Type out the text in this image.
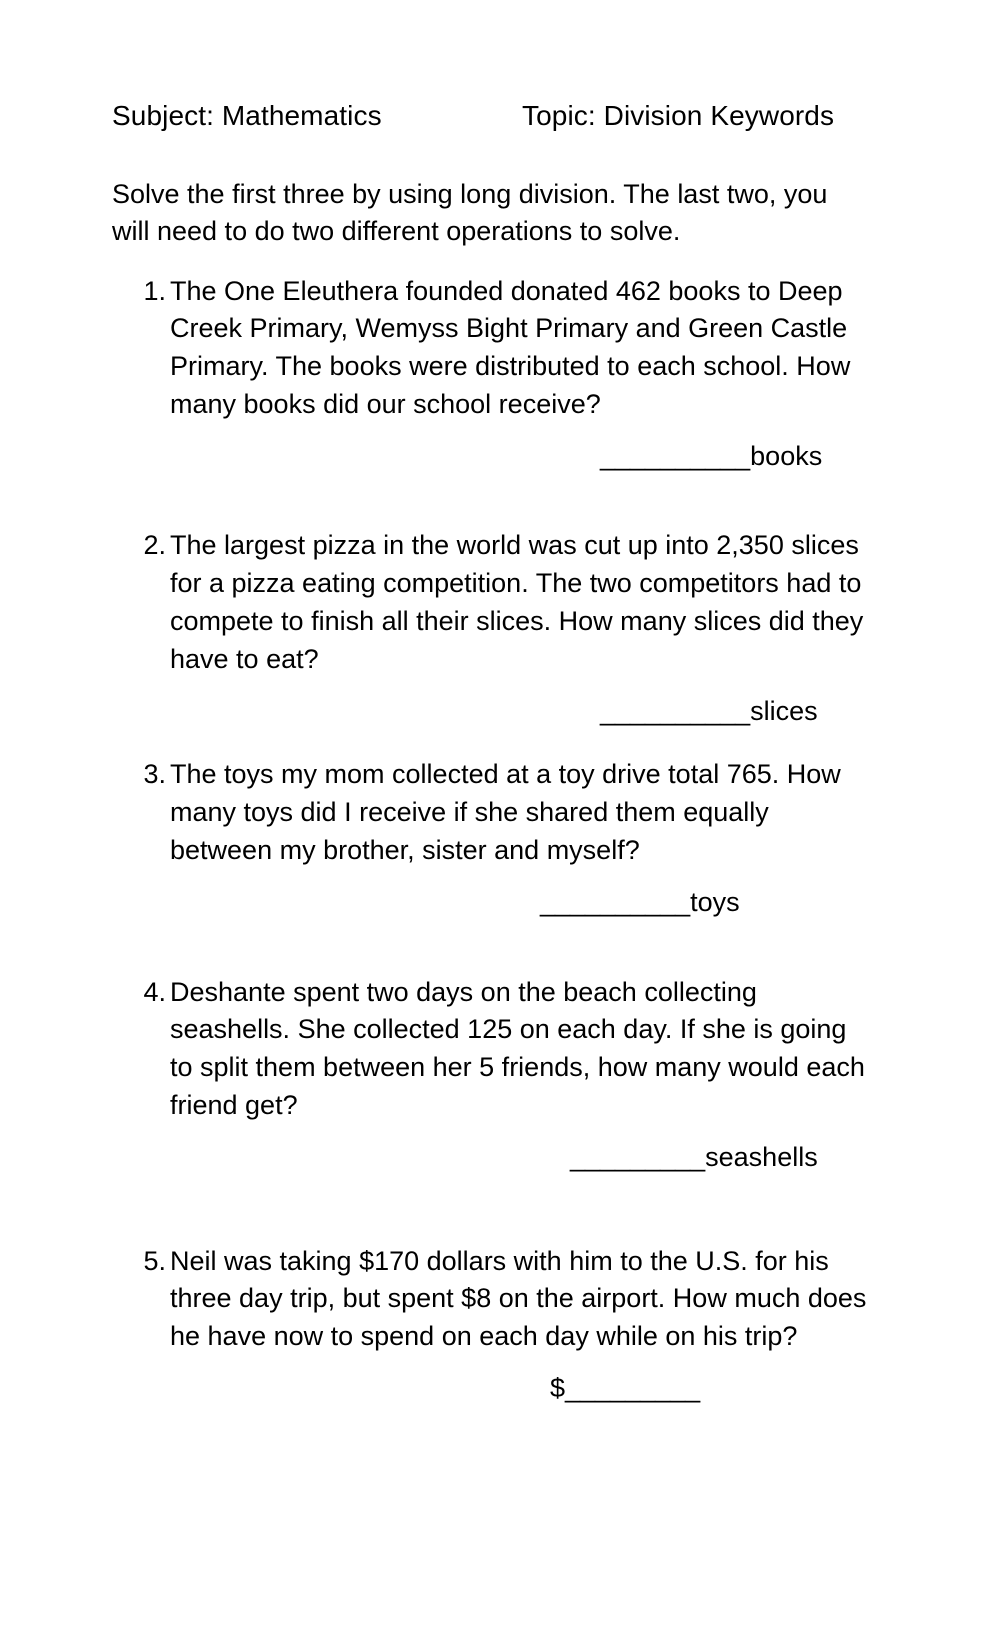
Subject: Mathematics	Topic: Division Keywords
Solve the first three by using long division. The last two, you will need to do two different operations to solve.
1. The One Eleuthera founded donated 462 books to Deep Creek Primary, Wemyss Bight Primary and Green Castle Primary. The books were distributed to each school. How many books did our school receive?
__________books
2. The largest pizza in the world was cut up into 2,350 slices for a pizza eating competition. The two competitors had to compete to finish all their slices. How many slices did they have to eat?
__________slices
3. The toys my mom collected at a toy drive total 765. How many toys did I receive if she shared them equally between my brother, sister and myself?
__________toys
4. Deshante spent two days on the beach collecting seashells. She collected 125 on each day. If she is going to split them between her 5 friends, how many would each friend get?
_________seashells
5. Neil was taking $170 dollars with him to the U.S. for his three day trip, but spent $8 on the airport. How much does he have now to spend on each day while on his trip?
$_________
